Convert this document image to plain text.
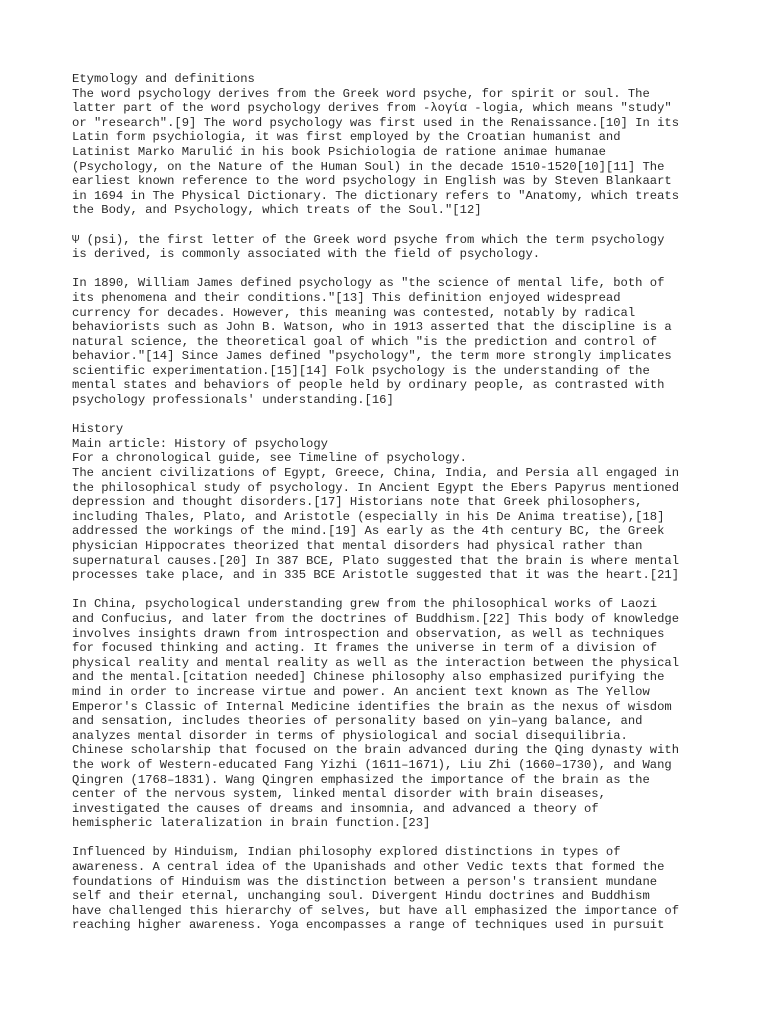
Etymology and definitions
The word psychology derives from the Greek word psyche, for spirit or soul. The
latter part of the word psychology derives from -λογία -logia, which means "study"
or "research".[9] The word psychology was first used in the Renaissance.[10] In its
Latin form psychiologia, it was first employed by the Croatian humanist and
Latinist Marko Marulić in his book Psichiologia de ratione animae humanae
(Psychology, on the Nature of the Human Soul) in the decade 1510-1520[10][11] The
earliest known reference to the word psychology in English was by Steven Blankaart
in 1694 in The Physical Dictionary. The dictionary refers to "Anatomy, which treats
the Body, and Psychology, which treats of the Soul."[12]
Ψ (psi), the first letter of the Greek word psyche from which the term psychology
is derived, is commonly associated with the field of psychology.
In 1890, William James defined psychology as "the science of mental life, both of
its phenomena and their conditions."[13] This definition enjoyed widespread
currency for decades. However, this meaning was contested, notably by radical
behaviorists such as John B. Watson, who in 1913 asserted that the discipline is a
natural science, the theoretical goal of which "is the prediction and control of
behavior."[14] Since James defined "psychology", the term more strongly implicates
scientific experimentation.[15][14] Folk psychology is the understanding of the
mental states and behaviors of people held by ordinary people, as contrasted with
psychology professionals' understanding.[16]
History
Main article: History of psychology
For a chronological guide, see Timeline of psychology.
The ancient civilizations of Egypt, Greece, China, India, and Persia all engaged in
the philosophical study of psychology. In Ancient Egypt the Ebers Papyrus mentioned
depression and thought disorders.[17] Historians note that Greek philosophers,
including Thales, Plato, and Aristotle (especially in his De Anima treatise),[18]
addressed the workings of the mind.[19] As early as the 4th century BC, the Greek
physician Hippocrates theorized that mental disorders had physical rather than
supernatural causes.[20] In 387 BCE, Plato suggested that the brain is where mental
processes take place, and in 335 BCE Aristotle suggested that it was the heart.[21]
In China, psychological understanding grew from the philosophical works of Laozi
and Confucius, and later from the doctrines of Buddhism.[22] This body of knowledge
involves insights drawn from introspection and observation, as well as techniques
for focused thinking and acting. It frames the universe in term of a division of
physical reality and mental reality as well as the interaction between the physical
and the mental.[citation needed] Chinese philosophy also emphasized purifying the
mind in order to increase virtue and power. An ancient text known as The Yellow
Emperor's Classic of Internal Medicine identifies the brain as the nexus of wisdom
and sensation, includes theories of personality based on yin–yang balance, and
analyzes mental disorder in terms of physiological and social disequilibria.
Chinese scholarship that focused on the brain advanced during the Qing dynasty with
the work of Western-educated Fang Yizhi (1611–1671), Liu Zhi (1660–1730), and Wang
Qingren (1768–1831). Wang Qingren emphasized the importance of the brain as the
center of the nervous system, linked mental disorder with brain diseases,
investigated the causes of dreams and insomnia, and advanced a theory of
hemispheric lateralization in brain function.[23]
Influenced by Hinduism, Indian philosophy explored distinctions in types of
awareness. A central idea of the Upanishads and other Vedic texts that formed the
foundations of Hinduism was the distinction between a person's transient mundane
self and their eternal, unchanging soul. Divergent Hindu doctrines and Buddhism
have challenged this hierarchy of selves, but have all emphasized the importance of
reaching higher awareness. Yoga encompasses a range of techniques used in pursuit
